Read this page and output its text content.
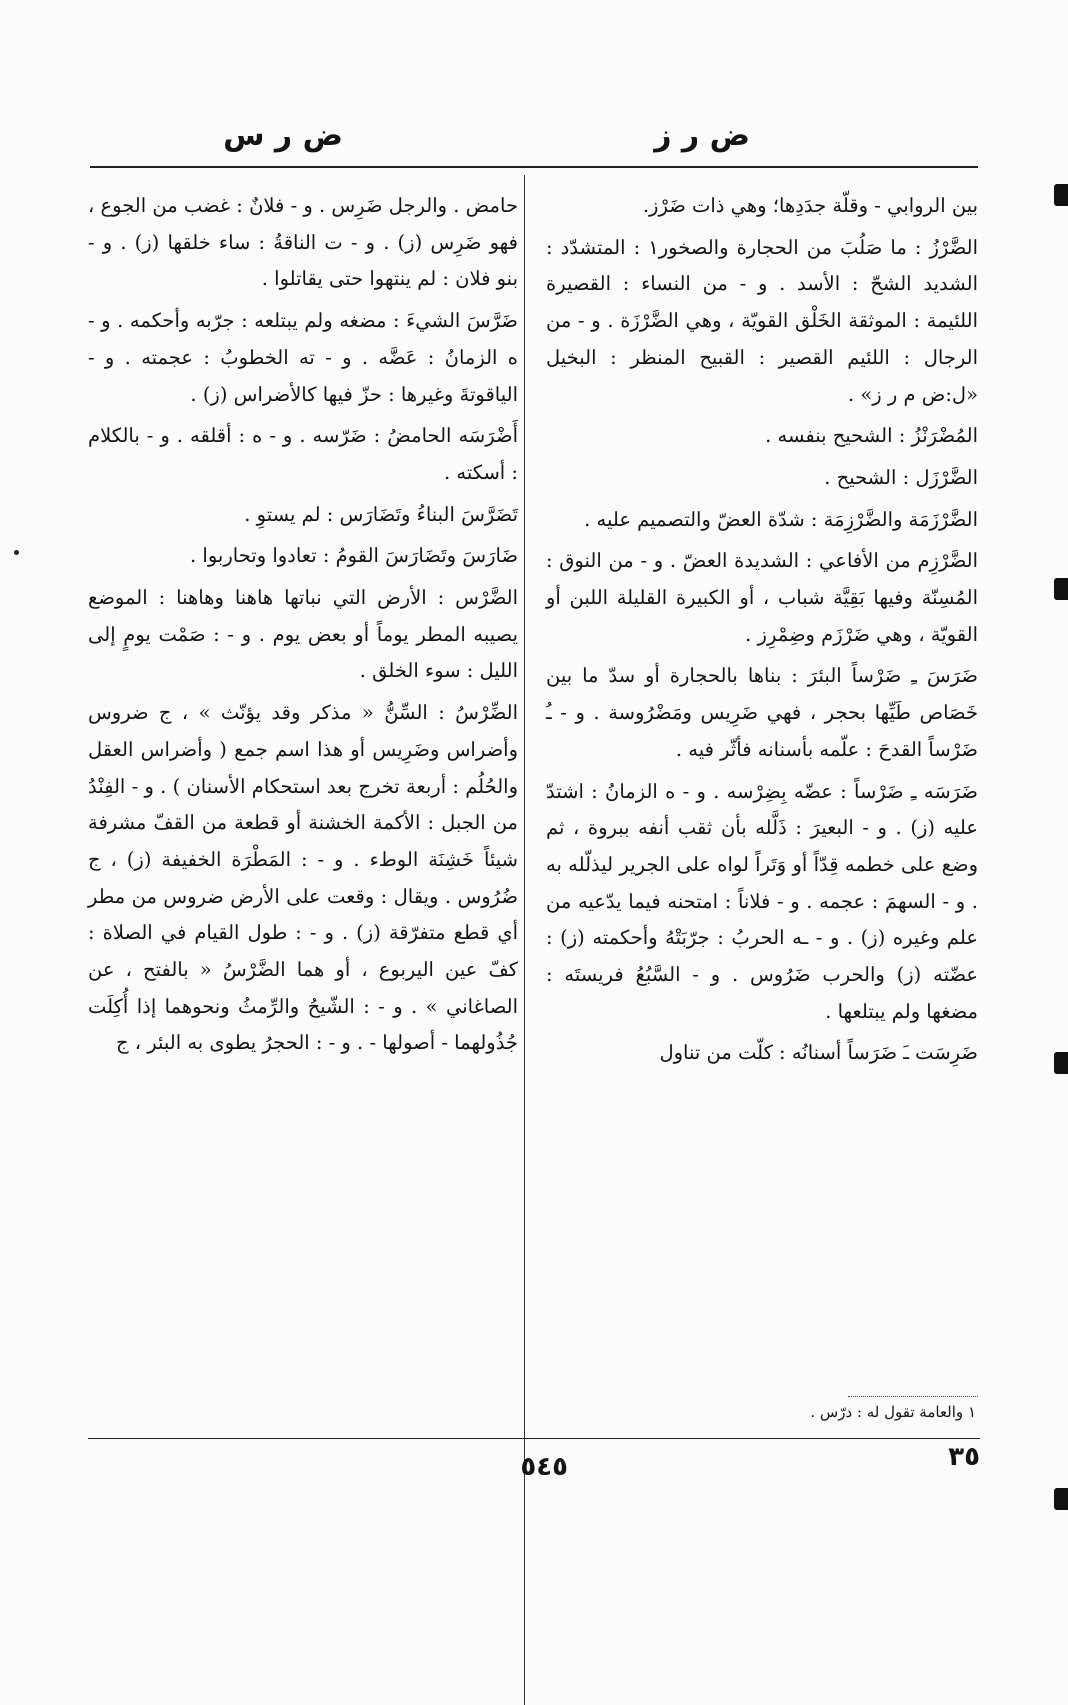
ض ر ز
ض ر س

بين الروابي - وقلّة جدَدِها؛ وهي ذات ضَرْز.

الضَّرْزُ : ما صَلُبَ من الحجارة والصخور١ : المتشدّد : الشديد الشحّ : الأسد . و - من النساء : القصيرة اللئيمة : الموثقة الخَلْق القويّة ، وهي الضَّرْزَة . و - من الرجال : اللئيم القصير : القبيح المنظر : البخيل «ل:ض م ر ز» .

المُضْرَنْزُ : الشحيح بنفسه .

الضَّرْزَل : الشحيح .

الضَّرْزَمَة والضَّرْزِمَة : شدّة العضّ والتصميم عليه .

الضَّرْزِم من الأفاعي : الشديدة العضّ . و - من النوق : المُسِنّة وفيها بَقِيَّة شباب ، أو الكبيرة القليلة اللبن أو القويّة ، وهي ضَرْزَم وضِمْرِز .

ضَرَسَ ـِ ضَرْساً البئرَ : بناها بالحجارة أو سدّ ما بين خَصَاص طَيِّها بحجر ، فهي ضَرِيس ومَضْرُوسة . و - ـُ ضَرْساً القدحَ : علّمه بأسنانه فأثّر فيه .

ضَرَسَه ـِ ضَرْساً : عضّه بِضِرْسه . و - ه الزمانُ : اشتدّ عليه (ز) . و - البعيرَ : ذَلَّله بأن ثقب أنفه ببروة ، ثم وضع على خطمه قِدّاً أو وَتَراً لواه على الجرير ليذلّله به . و - السهمَ : عجمه . و - فلاناً : امتحنه فيما يدّعيه من علم وغيره (ز) . و - ـه الحربُ : جرّبَتْهُ وأحكمته (ز) : عضّته (ز) والحرب ضَرُوس . و - السَّبُعُ فريستَه : مضغها ولم يبتلعها .

ضَرِسَت ـَ ضَرَساً أسنانُه : كلّت من تناول

حامض . والرجل ضَرِس . و - فلانٌ : غضب من الجوع ، فهو ضَرِس (ز) . و - ت الناقةُ : ساء خلقها (ز) . و - بنو فلان : لم ينتهوا حتى يقاتلوا .

ضَرَّسَ الشيءَ : مضغه ولم يبتلعه : جرّبه وأحكمه . و - ه الزمانُ : عَضَّه . و - ته الخطوبُ : عجمته . و - الياقوتةَ وغيرها : حزّ فيها كالأضراس (ز) .

أَضْرَسَه الحامضُ : ضَرّسه . و - ه : أقلقه . و - بالكلام : أسكته .

تَضَرَّسَ البناءُ وتَضَارَس : لم يستوِ .

ضَارَسَ وتَضَارَسَ القومُ : تعادوا وتحاربوا .

الضَّرْس : الأرض التي نباتها هاهنا وهاهنا : الموضع يصيبه المطر يوماً أو بعض يوم . و - : صَمْت يومٍ إلى الليل : سوء الخلق .

الضِّرْسُ : السِّنُّ « مذكر وقد يؤنّث » ، ج ضروس وأضراس وضَرِيس أو هذا اسم جمع ( وأضراس العقل والحُلُم : أربعة تخرج بعد استحكام الأسنان ) . و - الفِنْدُ من الجبل : الأكمة الخشنة أو قطعة من القفّ مشرفة شيئاً خَشِنَة الوطء . و - : المَطْرَة الخفيفة (ز) ، ج ضُرُوس . ويقال : وقعت على الأرض ضروس من مطر أي قطع متفرّقة (ز) . و - : طول القيام في الصلاة : كفّ عين اليربوع ، أو هما الضَّرْسُ « بالفتح ، عن الصاغاني » . و - : الشّيحُ والرِّمثُ ونحوهما إذا أُكِلَت جُذُولهما - أصولها - . و - : الحجرُ يطوى به البئر ، ج

١ والعامة تقول له : درّس .
٥٤٥	٣٥
